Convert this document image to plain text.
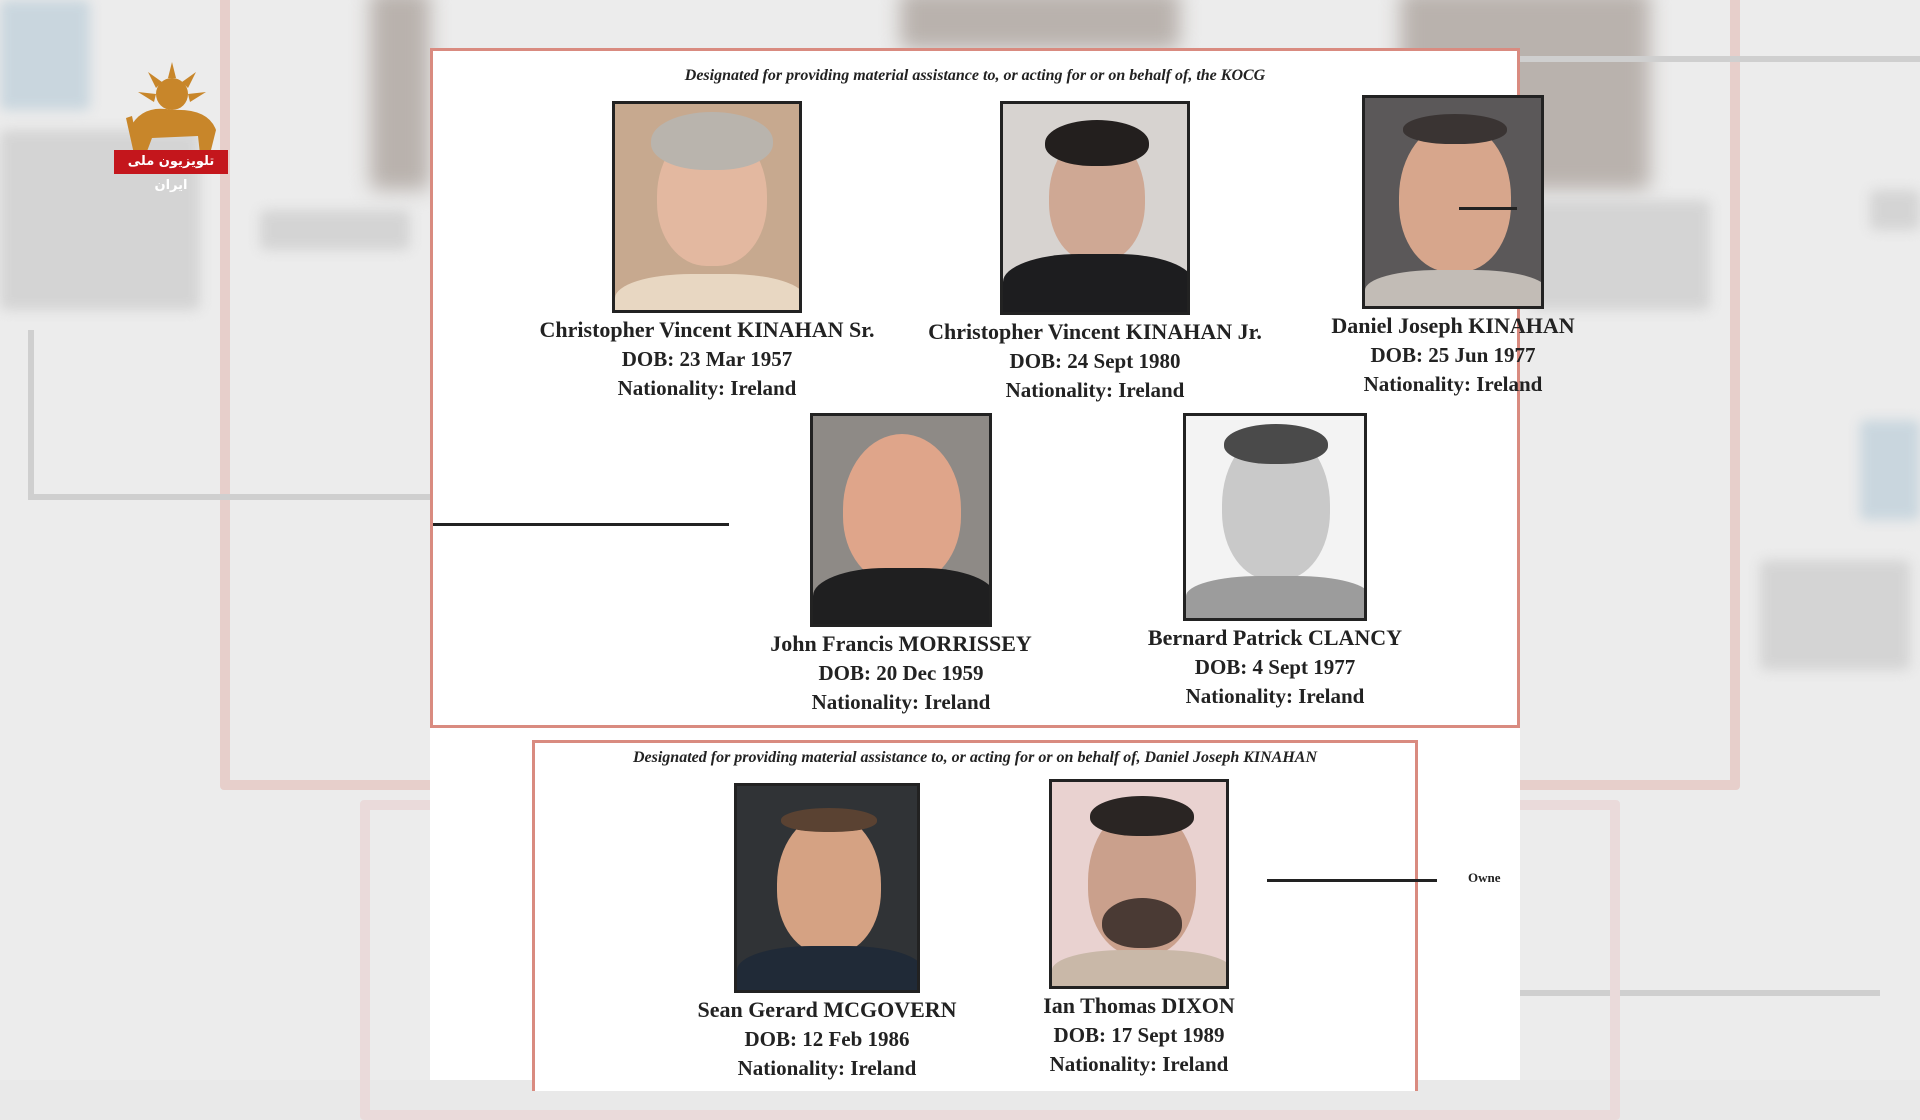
Designated for providing material assistance to, or acting for or on behalf of, the KOCG
Christopher Vincent KINAHAN Sr.
DOB: 23 Mar 1957
Nationality: Ireland
Christopher Vincent KINAHAN Jr.
DOB: 24 Sept 1980
Nationality: Ireland
Daniel Joseph KINAHAN
DOB: 25 Jun 1977
Nationality: Ireland
John Francis MORRISSEY
DOB: 20 Dec 1959
Nationality: Ireland
Bernard Patrick CLANCY
DOB: 4 Sept 1977
Nationality: Ireland
Designated for providing material assistance to, or acting for or on behalf of, Daniel Joseph KINAHAN
Sean Gerard MCGOVERN
DOB: 12 Feb 1986
Nationality: Ireland
Ian Thomas DIXON
DOB: 17 Sept 1989
Nationality: Ireland
Owne
تلویزیون ملی ایران
